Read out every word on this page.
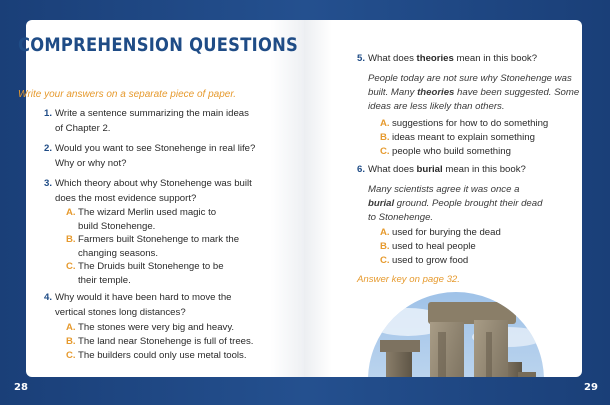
COMPREHENSION QUESTIONS
Write your answers on a separate piece of paper.
1. Write a sentence summarizing the main ideas
of Chapter 2.
2. Would you want to see Stonehenge in real life?
Why or why not?
3. Which theory about why Stonehenge was built
does the most evidence support?
A. The wizard Merlin used magic to
build Stonehenge.
B. Farmers built Stonehenge to mark the
changing seasons.
C. The Druids built Stonehenge to be
their temple.
4. Why would it have been hard to move the
vertical stones long distances?
A. The stones were very big and heavy.
B. The land near Stonehenge is full of trees.
C. The builders could only use metal tools.
5. What does theories mean in this book?
People today are not sure why Stonehenge was
built. Many theories have been suggested. Some
ideas are less likely than others.
A. suggestions for how to do something
B. ideas meant to explain something
C. people who build something
6. What does burial mean in this book?
Many scientists agree it was once a
burial ground. People brought their dead
to Stonehenge.
A. used for burying the dead
B. used to heal people
C. used to grow food
Answer key on page 32.
28	29
